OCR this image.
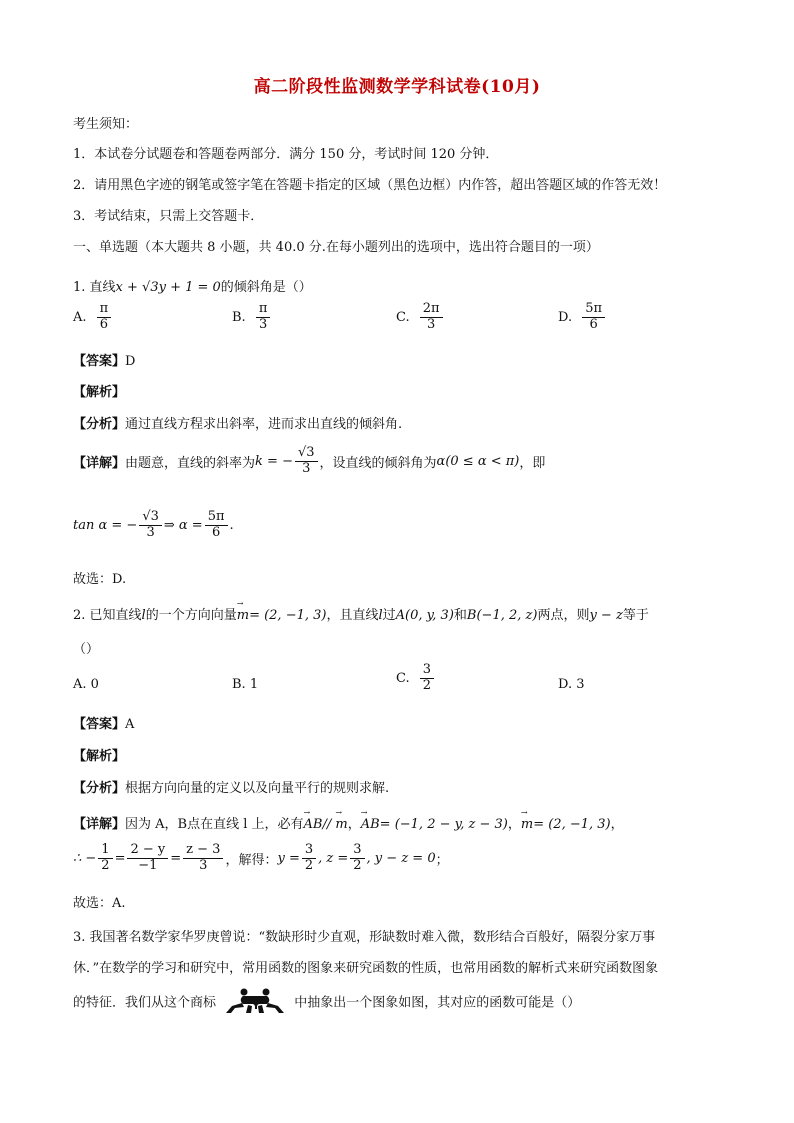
高二阶段性监测数学学科试卷(10月)
考生须知：
1．本试卷分试题卷和答题卷两部分．满分 150 分，考试时间 120 分钟．
2．请用黑色字迹的钢笔或签字笔在答题卡指定的区域（黑色边框）内作答，超出答题区域的作答无效！
3．考试结束，只需上交答题卡．
一、单选题（本大题共 8 小题，共 40.0 分.在每小题列出的选项中，选出符合题目的一项）
1. 直线x + √3y + 1 = 0的倾斜角是（）
A. $\frac{\pi}{6}$	B. $\frac{\pi}{3}$	C. $\frac{2\pi}{3}$	D. $\frac{5\pi}{6}$
【答案】D
【解析】
【分析】通过直线方程求出斜率，进而求出直线的倾斜角.
【详解】由题意，直线的斜率为k = − $\frac{√3}{3}$ ，设直线的倾斜角为α(0 ≤ α < π)，即
tan α = − $\frac{√3}{3}$ ⇒ $\alpha = \frac{5\pi}{6}$ .
故选：D.
2. 已知直线l的一个方向向量→ m= (2, −1, 3)，且直线l过A(0, y, 3)和B(−1, 2, z)两点，则y − z等于
（）
A. 0	B. 1	C. $\frac{3}{2}$	D. 3
【答案】A
【解析】
【分析】根据方向向量的定义以及向量平行的规则求解.
【详解】因为 A，B点在直线 l 上，必有→ AB// → m，→ AB= (−1, 2 − y, z − 3)，→ m= (2, −1, 3)，
∴ − $\frac{1}{2} = \frac{2 - y}{-1} = \frac{z - 3}{3}$ ，解得：$y = \frac{3}{2}$ , $z = \frac{3}{2}$ , y − z = 0；
故选：A.
3. 我国著名数学家华罗庚曾说：“数缺形时少直观，形缺数时难入微，数形结合百般好，隔裂分家万事
休．”在数学的学习和研究中，常用函数的图象来研究函数的性质，也常用函数的解析式来研究函数图象
的特征．我们从这个商标	中抽象出一个图象如图，其对应的函数可能是（）
